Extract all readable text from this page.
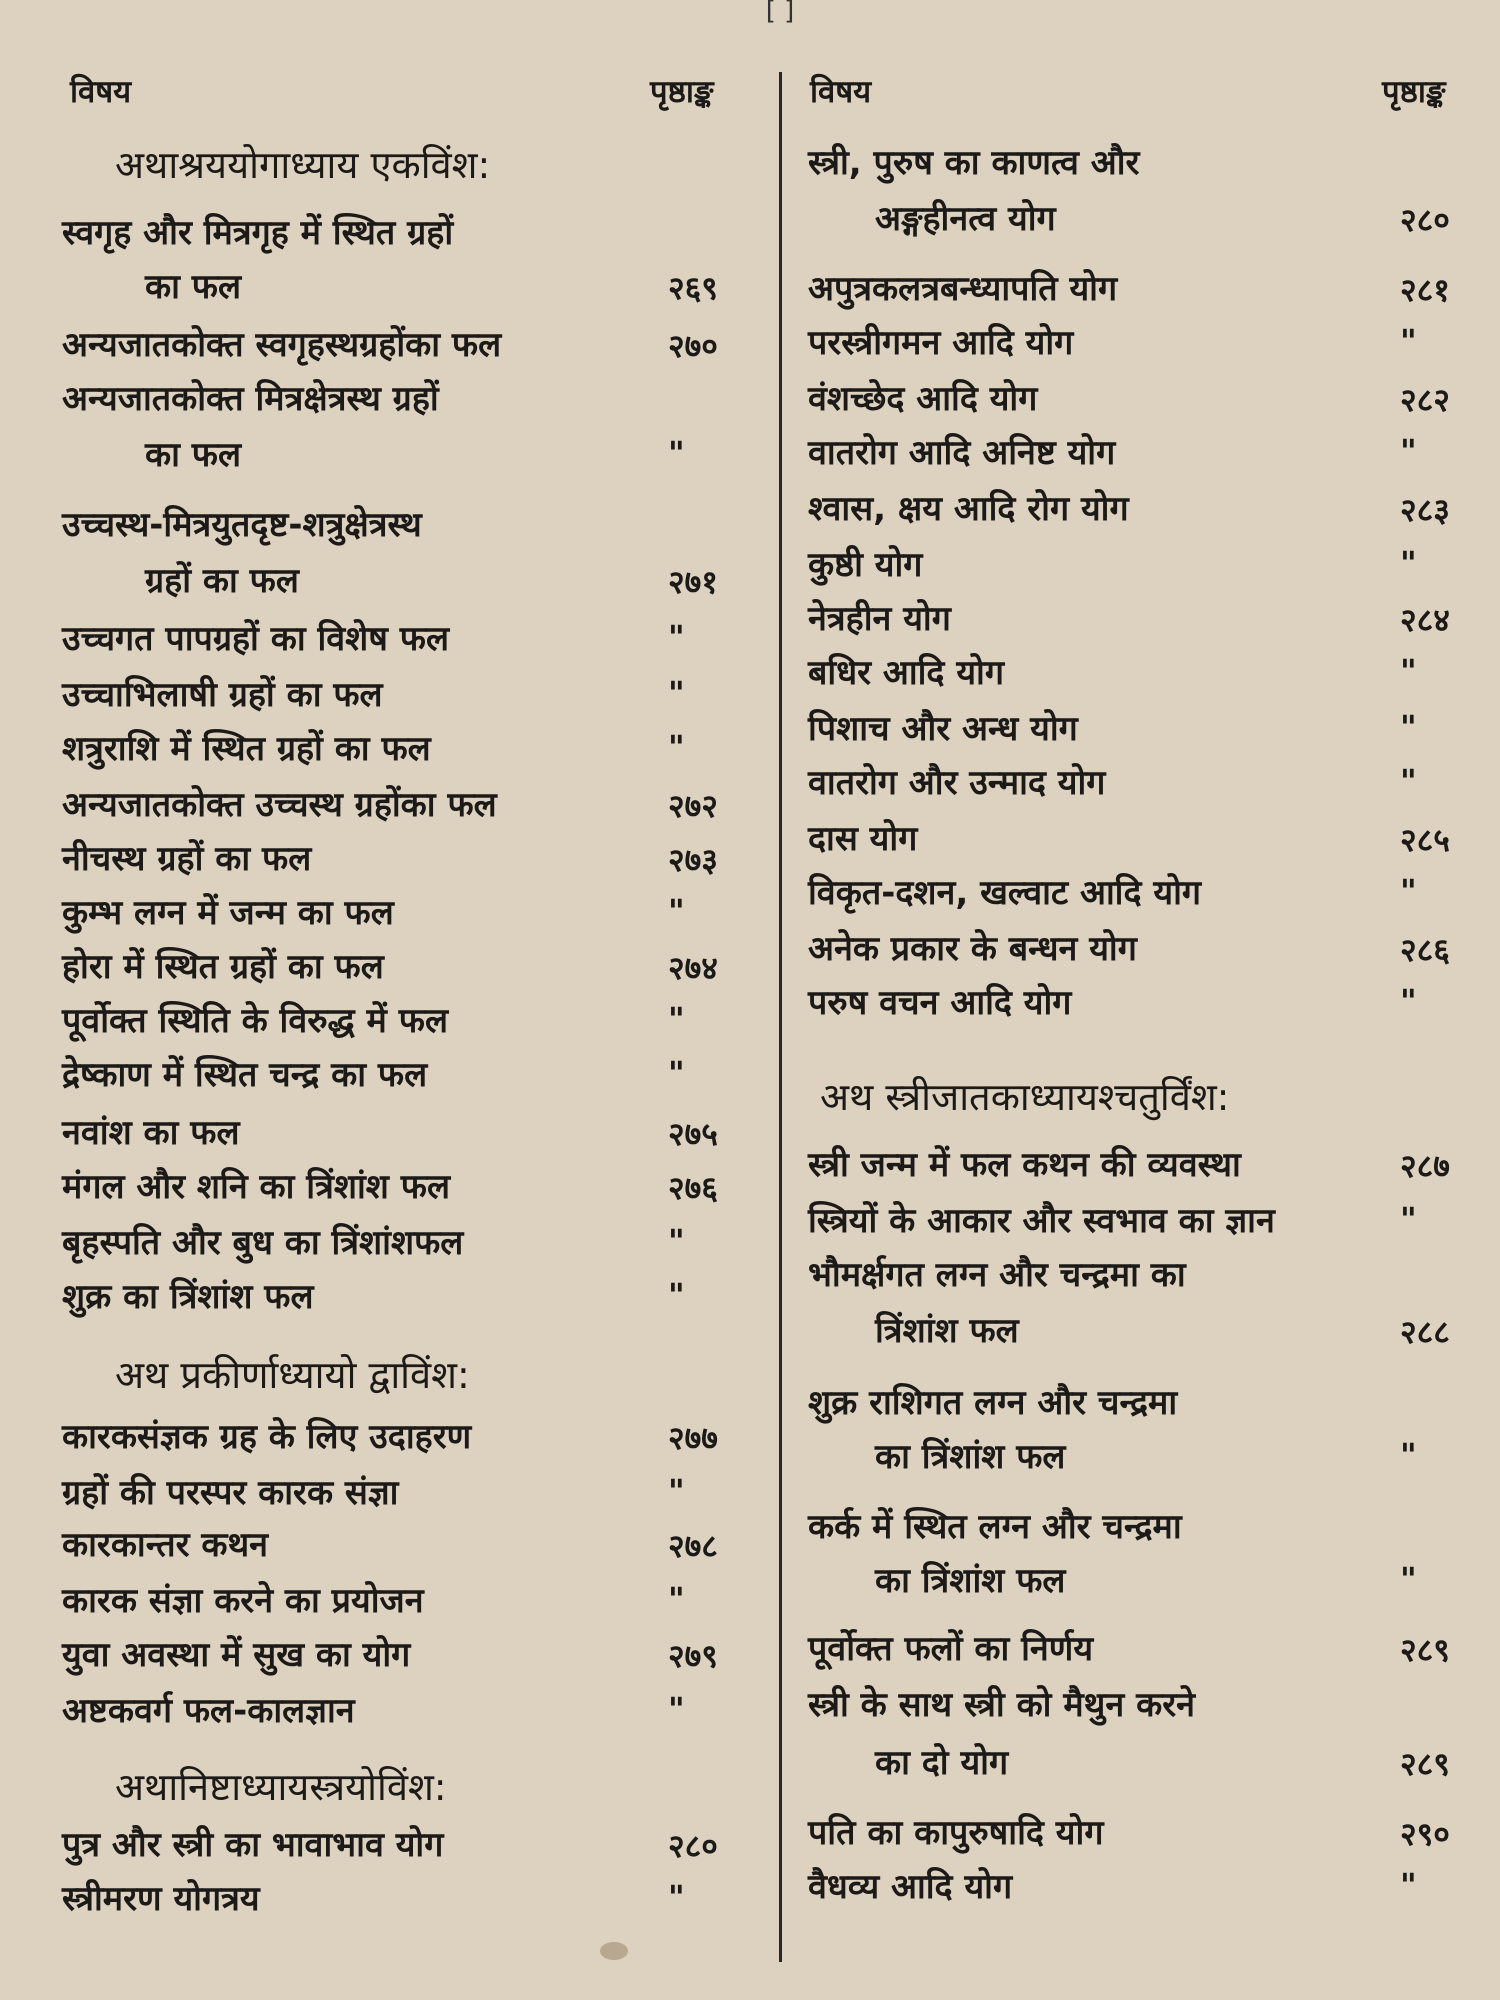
[ ]
विषय	पृष्ठाङ्क
अथाश्रययोगाध्याय एकविंश:
स्वगृह और मित्रगृह में स्थित ग्रहों
का फल	२६९
अन्यजातकोक्त स्वगृहस्थग्रहोंका फल	२७०
अन्यजातकोक्त मित्रक्षेत्रस्थ ग्रहों
का फल	"
उच्चस्थ-मित्रयुतदृष्ट-शत्रुक्षेत्रस्थ
ग्रहों का फल	२७१
उच्चगत पापग्रहों का विशेष फल	"
उच्चाभिलाषी ग्रहों का फल	"
शत्रुराशि में स्थित ग्रहों का फल	"
अन्यजातकोक्त उच्चस्थ ग्रहोंका फल	२७२
नीचस्थ ग्रहों का फल	२७३
कुम्भ लग्न में जन्म का फल	"
होरा में स्थित ग्रहों का फल	२७४
पूर्वोक्त स्थिति के विरुद्ध में फल	"
द्रेष्काण में स्थित चन्द्र का फल	"
नवांश का फल	२७५
मंगल और शनि का त्रिंशांश फल	२७६
बृहस्पति और बुध का त्रिंशांशफल	"
शुक्र का त्रिंशांश फल	"
अथ प्रकीर्णाध्यायो द्वाविंश:
कारकसंज्ञक ग्रह के लिए उदाहरण	२७७
ग्रहों की परस्पर कारक संज्ञा	"
कारकान्तर कथन	२७८
कारक संज्ञा करने का प्रयोजन	"
युवा अवस्था में सुख का योग	२७९
अष्टकवर्ग फल-कालज्ञान	"
अथानिष्टाध्यायस्त्रयोविंश:
पुत्र और स्त्री का भावाभाव योग	२८०
स्त्रीमरण योगत्रय	"
विषय	पृष्ठाङ्क
स्त्री, पुरुष का काणत्व और
अङ्गहीनत्व योग	२८०
अपुत्रकलत्रबन्ध्यापति योग	२८१
परस्त्रीगमन आदि योग	"
वंशच्छेद आदि योग	२८२
वातरोग आदि अनिष्ट योग	"
श्वास, क्षय आदि रोग योग	२८३
कुष्ठी योग	"
नेत्रहीन योग	२८४
बधिर आदि योग	"
पिशाच और अन्ध योग	"
वातरोग और उन्माद योग	"
दास योग	२८५
विकृत-दशन, खल्वाट आदि योग	"
अनेक प्रकार के बन्धन योग	२८६
परुष वचन आदि योग	"
अथ स्त्रीजातकाध्यायश्चतुर्विंश:
स्त्री जन्म में फल कथन की व्यवस्था	२८७
स्त्रियों के आकार और स्वभाव का ज्ञान	"
भौमर्क्षगत लग्न और चन्द्रमा का
त्रिंशांश फल	२८८
शुक्र राशिगत लग्न और चन्द्रमा
का त्रिंशांश फल	"
कर्क में स्थित लग्न और चन्द्रमा
का त्रिंशांश फल	"
पूर्वोक्त फलों का निर्णय	२८९
स्त्री के साथ स्त्री को मैथुन करने
का दो योग	२८९
पति का कापुरुषादि योग	२९०
वैधव्य आदि योग	"
